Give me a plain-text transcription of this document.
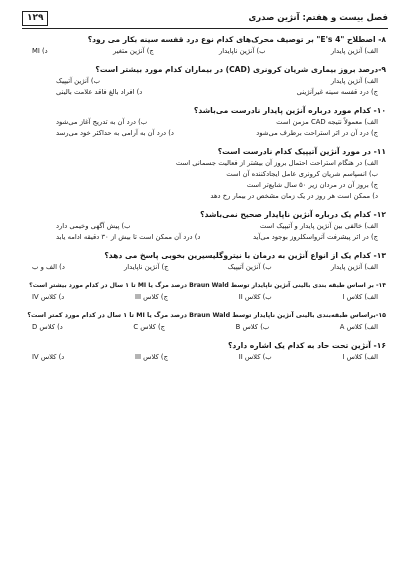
فصل بیست و هفتم: آنژین صدری
۱۲۹
۸- اصطلاح "E's 4" بر توصیف محرک‌های کدام نوع درد قفسه سینه بکار می رود؟
الف) آنژین پایدار
ب) آنژین ناپایدار
ج) آنژین متغیر
د) MI
۹-درصد بروز بیماری شریان کرونری (CAD) در بیماران کدام مورد بیشتر است؟
الف) آنژین پایدار
ب) آنژین آتیپیک
ج) درد قفسه سینه غیرآنژینی
د) افراد بالغ فاقد علامت بالینی
۱۰- کدام مورد درباره آنژین پایدار نادرست می‌باشد؟
الف) معمولاً نتیجه CAD مزمن است
ب) درد آن به تدریج آغاز می‌شود
ج) درد آن در اثر استراحت برطرف می‌شود
د) درد آن به آرامی به حداکثر خود می‌رسد
۱۱- در مورد آنژین آتیپیک کدام نادرست است؟
الف) در هنگام استراحت احتمال بروز آن بیشتر از فعالیت جسمانی است
ب) انسپاسم شریان کرونری عامل ایجادکننده آن است
ج) بروز آن در مردان زیر ۵۰ سال شایع‌تر است
د) ممکن است هر روز در یک زمان مشخص در بیمار رخ دهد
۱۲- کدام یک درباره آنژین ناپایدار صحیح نمی‌باشد؟
الف) خالفی بین آنژین پایدار و آتیپیک است
ب) پیش آگهی وخیمی دارد
ج) در اثر پیشرفت آترواسکلروز بوجود می‌آید
د) درد آن ممکن است تا بیش از ۳۰ دقیقه ادامه یابد
۱۳- کدام یک از انواع آنژین به درمان با نیتروگلیسیرین بخوبی پاسخ می دهد؟
الف) آنژین پایدار
ب) آنژین آتیپیک
ج) آنژین ناپایدار
د) الف و ب
۱۴- بر اساس طبقه بندی بالینی آنژین ناپایدار توسط Braun Wald درصد مرگ یا MI تا ۱ سال در کدام مورد بیشتر است؟
الف) کلاس I
ب) کلاس II
ج) کلاس III
د) کلاس IV
۱۵-براساس طبقه‌بندی بالینی آنژین ناپایدار توسط Braun Wald درصد مرگ یا MI تا ۱ سال در کدام مورد کمتر است؟
الف) کلاس A
ب) کلاس B
ج) کلاس C
د) کلاس D
۱۶- آنژین تحت حاد به کدام یک اشاره دارد؟
الف) کلاس I
ب) کلاس II
ج) کلاس III
د) کلاس IV
